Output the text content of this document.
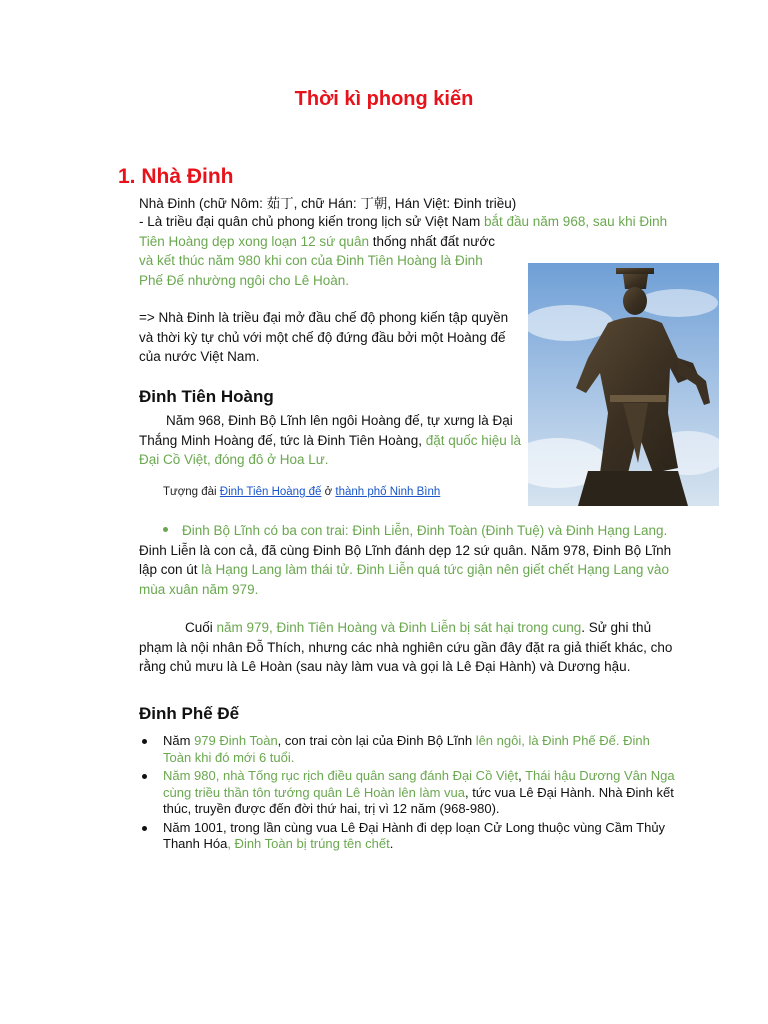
Thời kì phong kiến
1. Nhà Đinh
Nhà Đinh (chữ Nôm: 茹丁, chữ Hán: 丁朝, Hán Việt: Đinh triều)
- Là triều đại quân chủ phong kiến trong lịch sử Việt Nam bắt đầu năm 968, sau khi Đinh Tiên Hoàng dẹp xong loạn 12 sứ quân thống nhất đất nước
và kết thúc năm 980 khi con của Đinh Tiên Hoàng là Đinh Phế Đế nhường ngôi cho Lê Hoàn.
=> Nhà Đinh là triều đại mở đầu chế độ phong kiến tập quyền và thời kỳ tự chủ với một chế độ đứng đầu bởi một Hoàng đế của nước Việt Nam.
Đinh Tiên Hoàng
Năm 968, Đinh Bộ Lĩnh lên ngôi Hoàng đế, tự xưng là Đại Thắng Minh Hoàng đế, tức là Đinh Tiên Hoàng, đặt quốc hiệu là Đại Cồ Việt, đóng đô ở Hoa Lư.
Tượng đài Đinh Tiên Hoàng đế ở thành phố Ninh Bình
Đinh Bộ Lĩnh có ba con trai: Đinh Liễn, Đinh Toàn (Đinh Tuệ) và Đinh Hạng Lang. Đinh Liễn là con cả, đã cùng Đinh Bộ Lĩnh đánh dẹp 12 sứ quân. Năm 978, Đinh Bộ Lĩnh lập con út là Hạng Lang làm thái tử. Đinh Liễn quá tức giận nên giết chết Hạng Lang vào mùa xuân năm 979.
Cuối năm 979, Đinh Tiên Hoàng và Đinh Liễn bị sát hại trong cung. Sử ghi thủ phạm là nội nhân Đỗ Thích, nhưng các nhà nghiên cứu gần đây đặt ra giả thiết khác, cho rằng chủ mưu là Lê Hoàn (sau này làm vua và gọi là Lê Đại Hành) và Dương hậu.
Đinh Phế Đế
Năm 979 Đinh Toàn, con trai còn lại của Đinh Bộ Lĩnh lên ngôi, là Đinh Phế Đế. Đinh Toàn khi đó mới 6 tuổi.
Năm 980, nhà Tống rục rịch điều quân sang đánh Đại Cồ Việt, Thái hậu Dương Vân Nga cùng triều thần tôn tướng quân Lê Hoàn lên làm vua, tức vua Lê Đại Hành. Nhà Đinh kết thúc, truyền được đến đời thứ hai, trị vì 12 năm (968-980).
Năm 1001, trong lần cùng vua Lê Đại Hành đi dẹp loạn Cử Long thuộc vùng Cầm Thủy Thanh Hóa, Đinh Toàn bị trúng tên chết.
